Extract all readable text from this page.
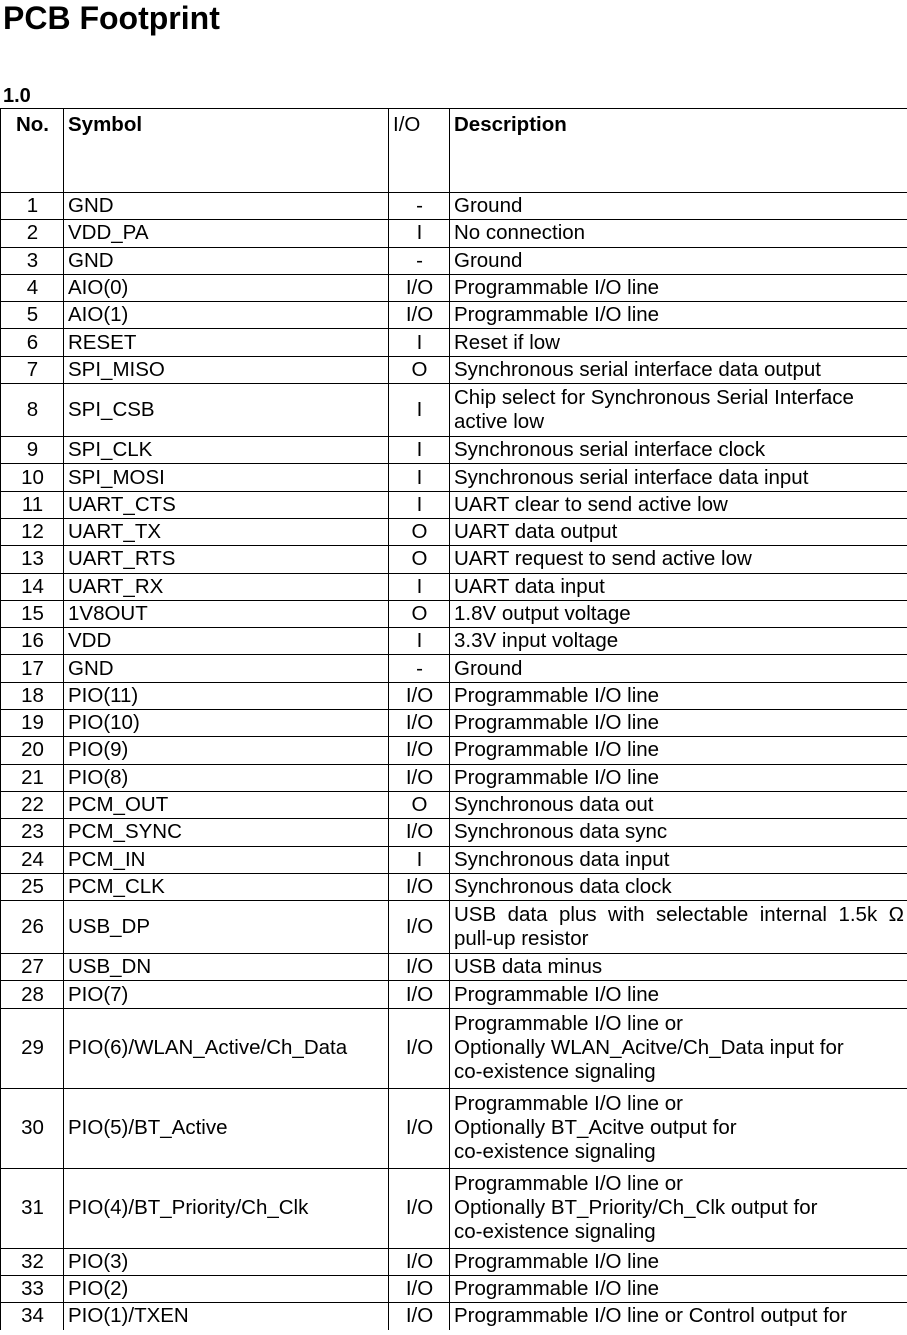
PCB Footprint
1.0
No.	Symbol	I/O	Description
1	GND	-	Ground
2	VDD_PA	I	No connection
3	GND	-	Ground
4	AIO(0)	I/O	Programmable I/O line
5	AIO(1)	I/O	Programmable I/O line
6	RESET	I	Reset if low
7	SPI_MISO	O	Synchronous serial interface data output
8	SPI_CSB	I	Chip select for Synchronous Serial Interface active low
9	SPI_CLK	I	Synchronous serial interface clock
10	SPI_MOSI	I	Synchronous serial interface data input
11	UART_CTS	I	UART clear to send active low
12	UART_TX	O	UART data output
13	UART_RTS	O	UART request to send active low
14	UART_RX	I	UART data input
15	1V8OUT	O	1.8V output voltage
16	VDD	I	3.3V input voltage
17	GND	-	Ground
18	PIO(11)	I/O	Programmable I/O line
19	PIO(10)	I/O	Programmable I/O line
20	PIO(9)	I/O	Programmable I/O line
21	PIO(8)	I/O	Programmable I/O line
22	PCM_OUT	O	Synchronous data out
23	PCM_SYNC	I/O	Synchronous data sync
24	PCM_IN	I	Synchronous data input
25	PCM_CLK	I/O	Synchronous data clock
26	USB_DP	I/O	USB data plus with selectable internal 1.5k Ω pull-up resistor
27	USB_DN	I/O	USB data minus
28	PIO(7)	I/O	Programmable I/O line
29	PIO(6)/WLAN_Active/Ch_Data	I/O	Programmable I/O line or
Optionally WLAN_Acitve/Ch_Data input for
co-existence signaling
30	PIO(5)/BT_Active	I/O	Programmable I/O line or
Optionally BT_Acitve output for
co-existence signaling
31	PIO(4)/BT_Priority/Ch_Clk	I/O	Programmable I/O line or
Optionally BT_Priority/Ch_Clk output for
co-existence signaling
32	PIO(3)	I/O	Programmable I/O line
33	PIO(2)	I/O	Programmable I/O line
34	PIO(1)/TXEN	I/O	Programmable I/O line or Control output for
